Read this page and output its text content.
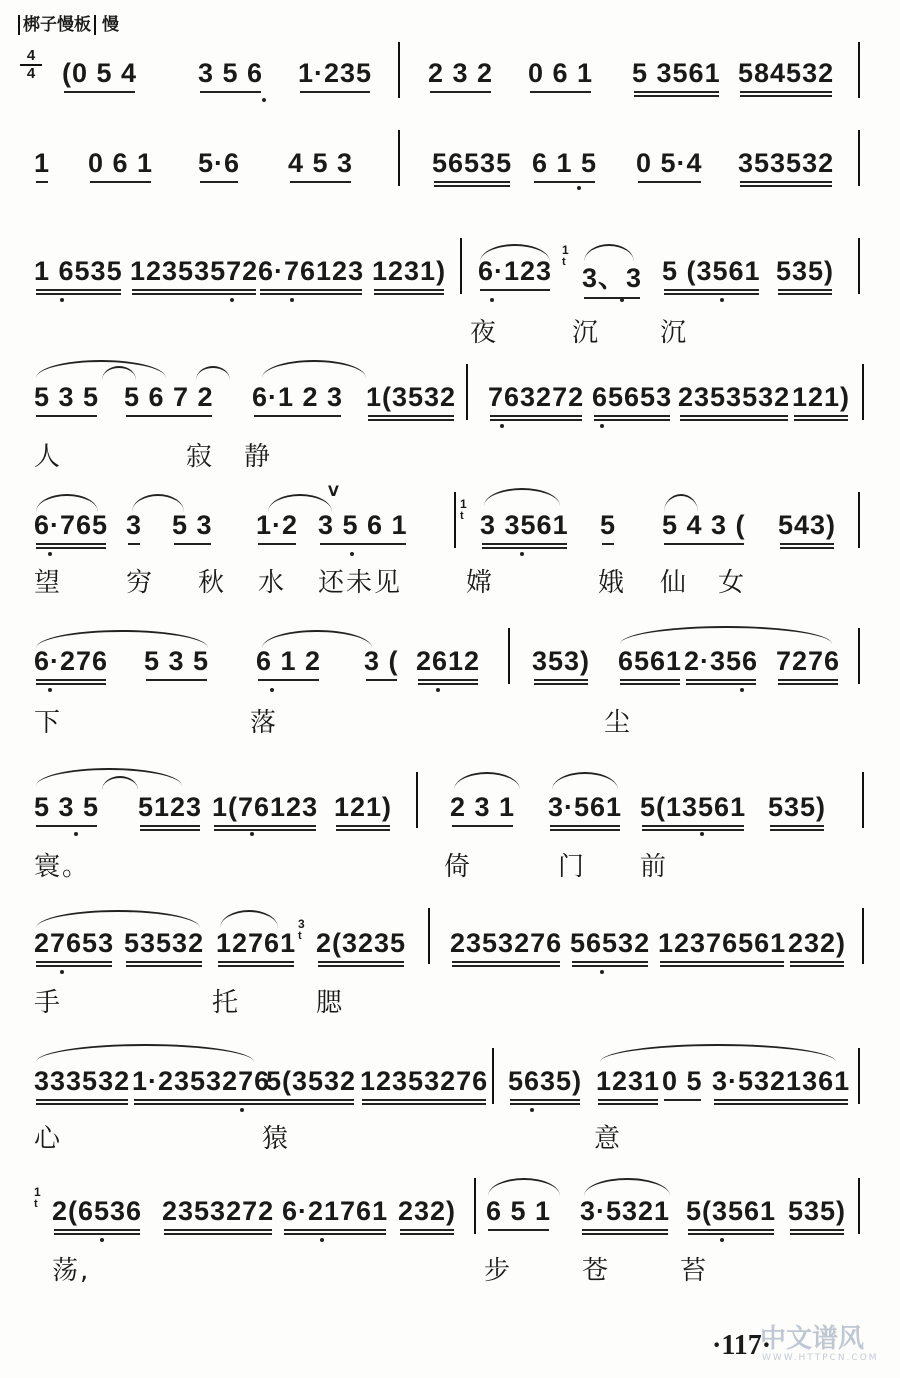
梆子慢板 慢
4
4 (0 5 4 3 5 6 1·235 2 3 2 0 6 1 5 3561 584532
1 0 6 1 5·6 4 5 3	56535 6 1 5 0 5·4 353532
1 6535 12353572 6·76123 1231) 6·123
1
t
3、3 5 (3561 535)
夜	沉 沉
5 3 5 5 6 7 2 6·1 2 3 1(3532 763272 65653 2353532 121)
人	寂 静
6·765 3 5 3 1·2
V
3 5 6 1
1
t 3 3561 5 5 4 3 ( 543)
望 穷 秋 水 还未见 嫦	娥 仙 女
6·276 5 3 5 6 1 2 3 ( 2612 353) 6561 2·356 7276
下	落	尘
5 3 5 5123 1(76123 121) 2 3 1 3·561 5(13561 535)
寰。	倚	门 前
27653 53532 12761
3
t 2(3235 2353276 56532 12376561 232)
手	托	腮
333532 1·2353276
5(3532 12353276 5635) 1231 0 5 3·5321361
心	猿	意
1
t 2(6536 2353272 6·21761 232) 6 5 1 3·5321 5(3561 535)
荡,	步	苍	苔
·117·
中文谱风
WWW.HTTPCN.COM
